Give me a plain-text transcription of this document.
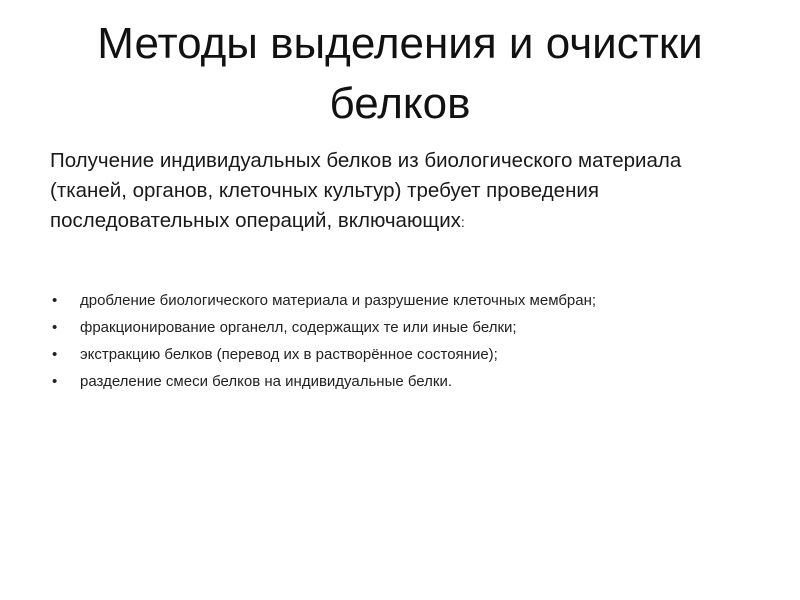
Методы выделения и очистки белков

Получение индивидуальных белков из биологического материала (тканей, органов, клеточных культур) требует проведения последовательных операций, включающих:

• дробление биологического материала и разрушение клеточных мембран;
• фракционирование органелл, содержащих те или иные белки;
• экстракцию белков (перевод их в растворённое состояние);
• разделение смеси белков на индивидуальные белки.
